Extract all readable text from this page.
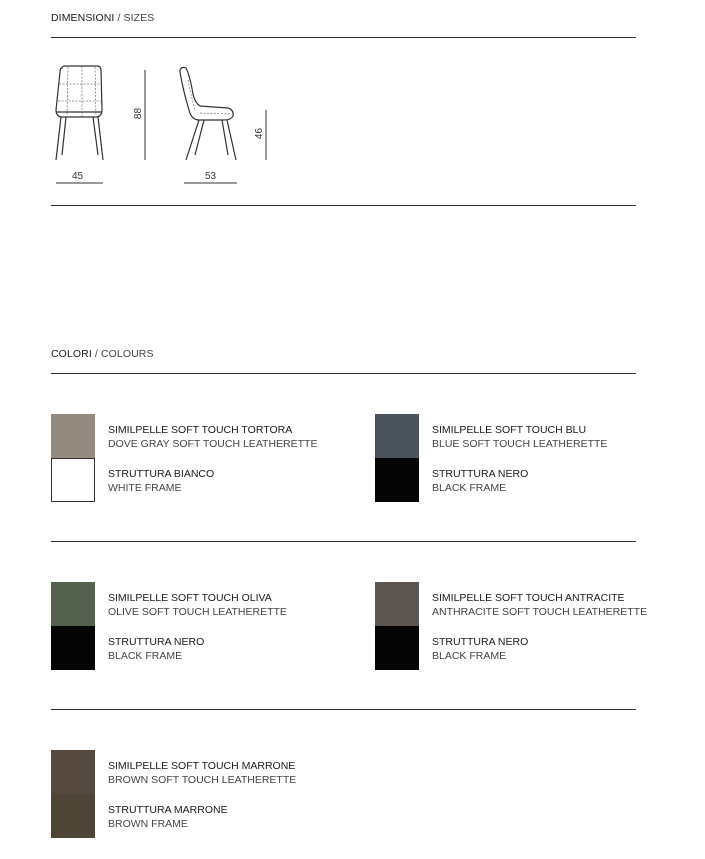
DIMENSIONI / SIZES
45
88
53
46
COLORI / COLOURS
SIMILPELLE SOFT TOUCH TORTORA
DOVE GRAY SOFT TOUCH LEATHERETTE
STRUTTURA BIANCO
WHITE FRAME
SIMILPELLE SOFT TOUCH BLU
BLUE SOFT TOUCH LEATHERETTE
STRUTTURA NERO
BLACK FRAME
SIMILPELLE SOFT TOUCH OLIVA
OLIVE SOFT TOUCH LEATHERETTE
STRUTTURA NERO
BLACK FRAME
SIMILPELLE SOFT TOUCH ANTRACITE
ANTHRACITE SOFT TOUCH LEATHERETTE
STRUTTURA NERO
BLACK FRAME
SIMILPELLE SOFT TOUCH MARRONE
BROWN SOFT TOUCH LEATHERETTE
STRUTTURA MARRONE
BROWN FRAME
